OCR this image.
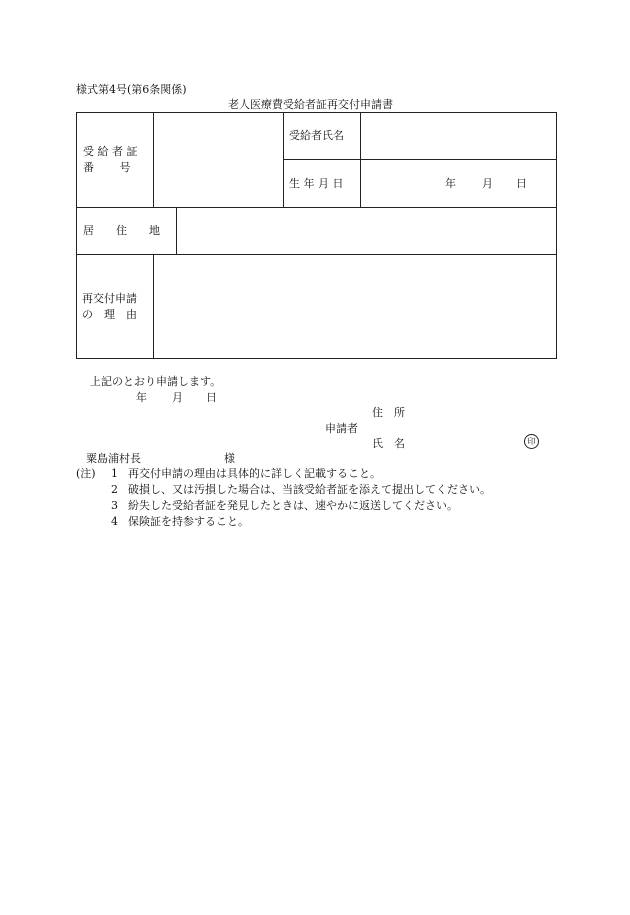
様式第4号(第6条関係)
老人医療費受給者証再交付申請書
受 給 者 証
番　　 号
受給者氏名
生 年 月 日	年 月 日
居　　住　　地
再交付申請
の　理　由
上記のとおり申請します。
年 月 日
住　所
申請者
氏　名	印
粟島浦村長	様
(注) 1 再交付申請の理由は具体的に詳しく記載すること。
2 破損し、又は汚損した場合は、当該受給者証を添えて提出してください。
3 紛失した受給者証を発見したときは、速やかに返送してください。
4 保険証を持参すること。
